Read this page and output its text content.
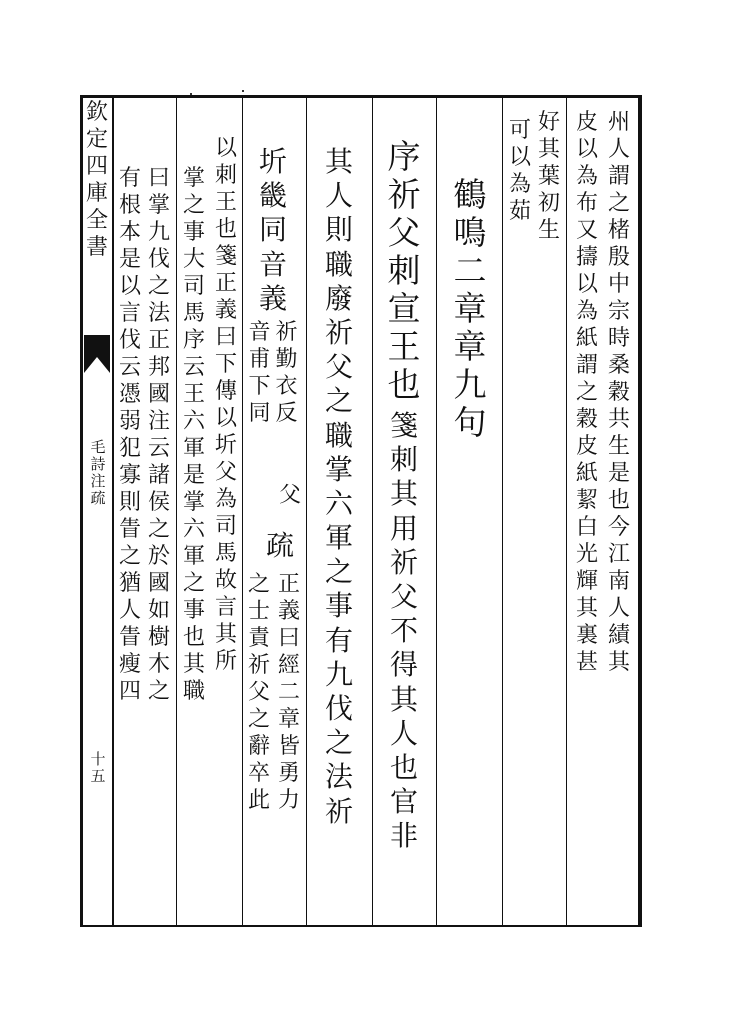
欽
定
四
庫
全
書
毛
詩
注
疏
十
五
州
人
謂
之
楮
殷
中
宗
時
桑
穀
共
生
是
也
今
江
南
人
績
其
皮
以
為
布
又
擣
以
為
紙
謂
之
穀
皮
紙
絜
白
光
輝
其
裏
甚
好
其
葉
初
生
可
以
為
茹
鶴
鳴
二
章
章
九
句
序
祈
父
刺
宣
王
也
箋
刺
其
用
祈
父
不
得
其
人
也
官
非
其
人
則
職
廢
祈
父
之
職
掌
六
軍
之
事
有
九
伐
之
法
祈
圻
畿
同
音
義
祈
勤
衣
反
音
甫
下
同
父
疏
正
義
曰
經
二
章
皆
勇
力
之
士
責
祈
父
之
辭
卒
此
以
刺
王
也
箋
正
義
曰
下
傳
以
圻
父
為
司
馬
故
言
其
所
掌
之
事
大
司
馬
序
云
王
六
軍
是
掌
六
軍
之
事
也
其
職
曰
掌
九
伐
之
法
正
邦
國
注
云
諸
侯
之
於
國
如
樹
木
之
有
根
本
是
以
言
伐
云
憑
弱
犯
寡
則
眚
之
猶
人
眚
瘦
四
